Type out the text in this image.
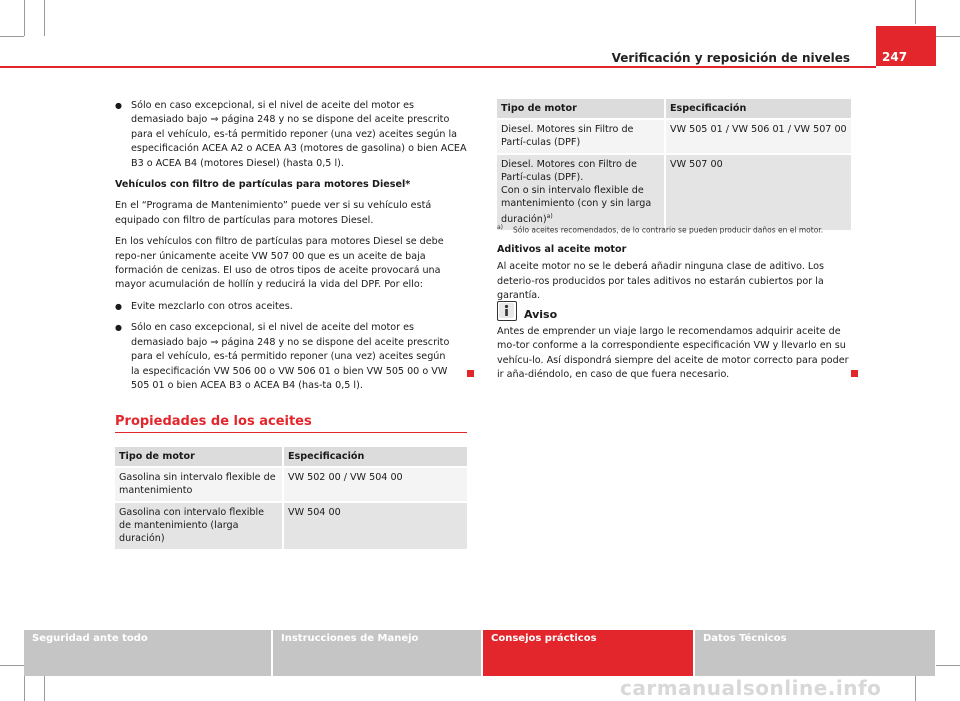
Verificación y reposición de niveles	247

● Sólo en caso excepcional, si el nivel de aceite del motor es demasiado bajo ⇒ página 248 y no se dispone del aceite prescrito para el vehículo, es-tá permitido reponer (una vez) aceites según la especificación ACEA A2 o ACEA A3 (motores de gasolina) o bien ACEA B3 o ACEA B4 (motores Diesel) (hasta 0,5 l).

Vehículos con filtro de partículas para motores Diesel*

En el “Programa de Mantenimiento” puede ver si su vehículo está equipado con filtro de partículas para motores Diesel.

En los vehículos con filtro de partículas para motores Diesel se debe repo-ner únicamente aceite VW 507 00 que es un aceite de baja formación de cenizas. El uso de otros tipos de aceite provocará una mayor acumulación de hollín y reducirá la vida del DPF. Por ello:

● Evite mezclarlo con otros aceites.

● Sólo en caso excepcional, si el nivel de aceite del motor es demasiado bajo ⇒ página 248 y no se dispone del aceite prescrito para el vehículo, es-tá permitido reponer (una vez) aceites según la especificación VW 506 00 o VW 506 01 o bien VW 505 00 o VW 505 01 o bien ACEA B3 o ACEA B4 (has-ta 0,5 l).

Propiedades de los aceites
Tipo de motor	Especificación
Gasolina sin intervalo flexible de mantenimiento	VW 502 00 / VW 504 00
Gasolina con intervalo flexible de mantenimiento (larga duración)	VW 504 00
Tipo de motor	Especificación
Diesel. Motores sin Filtro de Partí-culas (DPF)	VW 505 01 / VW 506 01 / VW 507 00
Diesel. Motores con Filtro de Partí-culas (DPF).
Con o sin intervalo flexible de mantenimiento (con y sin larga duración)$^{a)}$	VW 507 00
$^{a)}$ Sólo aceites recomendados, de lo contrario se pueden producir daños en el motor.

Aditivos al aceite motor

Al aceite motor no se le deberá añadir ninguna clase de aditivo. Los deterio-ros producidos por tales aditivos no estarán cubiertos por la garantía.

Aviso

Antes de emprender un viaje largo le recomendamos adquirir aceite de mo-tor conforme a la correspondiente especificación VW y llevarlo en su vehícu-lo. Así dispondrá siempre del aceite de motor correcto para poder ir aña-diéndolo, en caso de que fuera necesario.

Seguridad ante todo	Instrucciones de Manejo	Consejos prácticos	Datos Técnicos
carmanualsonline.info
